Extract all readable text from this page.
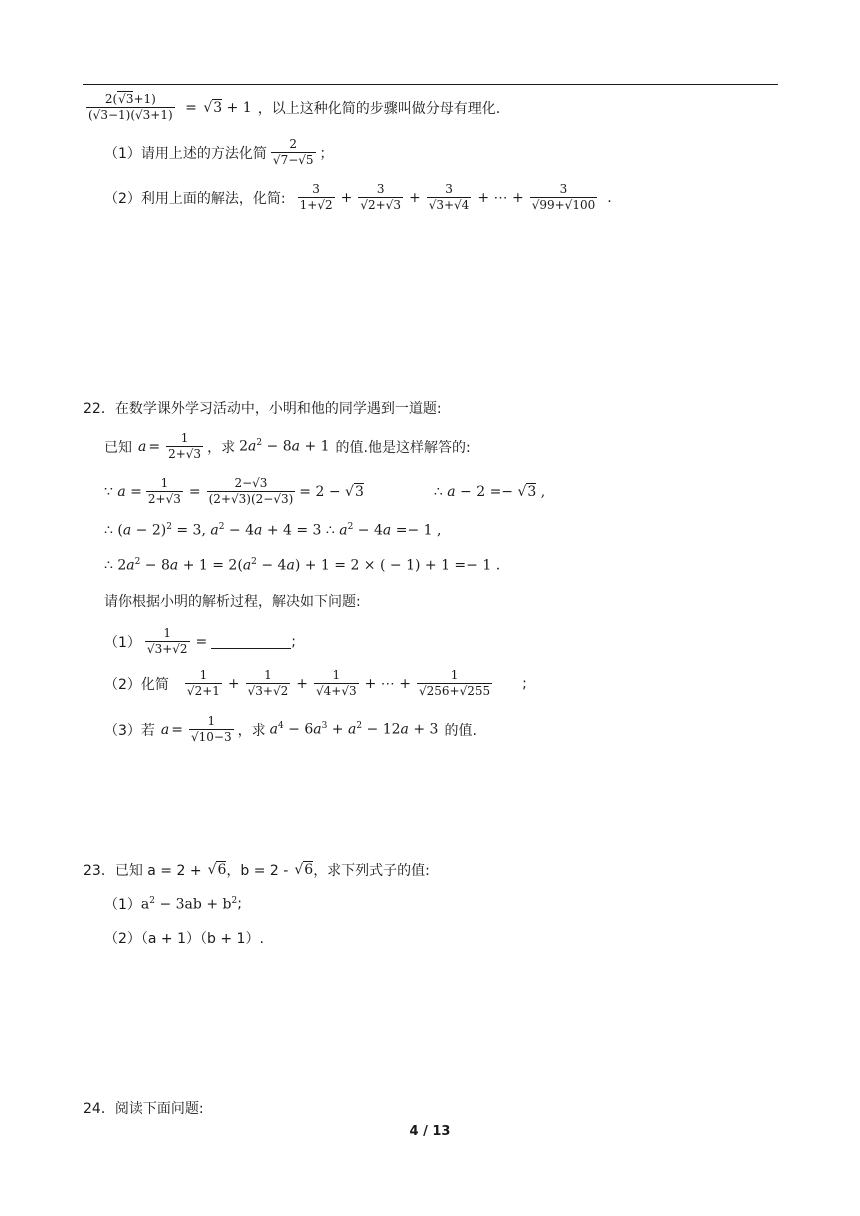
$\frac{2(√3+1)}{(√3-1)(√3+1)} = √3 + 1$ ，以上这种化简的步骤叫做分母有理化.
（1）请用上述的方法化简 $\frac{2}{√7-√5}$ ；
（2）利用上面的解法，化简: $\frac{3}{1+√2} + \frac{3}{√2+√3} + \frac{3}{√3+√4}$ + ⋯ + $\frac{3}{√99+√100}$ .
22．在数学课外学习活动中，小明和他的同学遇到一道题:
已知 $a = \frac{1}{2+√3}$ ，求 $2a^2 - 8a + 1$ 的值.他是这样解答的:
∵ $a = \frac{1}{2+√3} = \frac{2-√3}{(2+√3)(2-√3)} = 2 - √3$	∴ a − 2 =− √3 ,
∴ $(a - 2)^2 = 3$, $a^2 - 4a + 4 = 3$ ∴ $a^2 - 4a =- 1$ ,
∴ $2a^2 - 8a + 1 = 2(a^2 - 4a) + 1 = 2$ × ( − 1) + 1 =− 1 .
请你根据小明的解析过程，解决如下问题:
$(1) \frac{1}{√3+√2}$ =	;
（2）化简 $\frac{1}{√2+1} + \frac{1}{√3+√2} + \frac{1}{√4+√3}$ + ⋯ + $\frac{1}{√256+√255}$ ;
（3）若 $a = \frac{1}{√10-3}$ ，求 $a^4 - 6a^3 + a^2 - 12a + 3$ 的值.
23．已知 a = 2 + √6 ，b = 2 - √6 ，求下列式子的值:
（1） $a^2 - 3ab + b^2$ ;
（2）（a + 1）（b + 1）.
24．阅读下面问题:
4 / 13
